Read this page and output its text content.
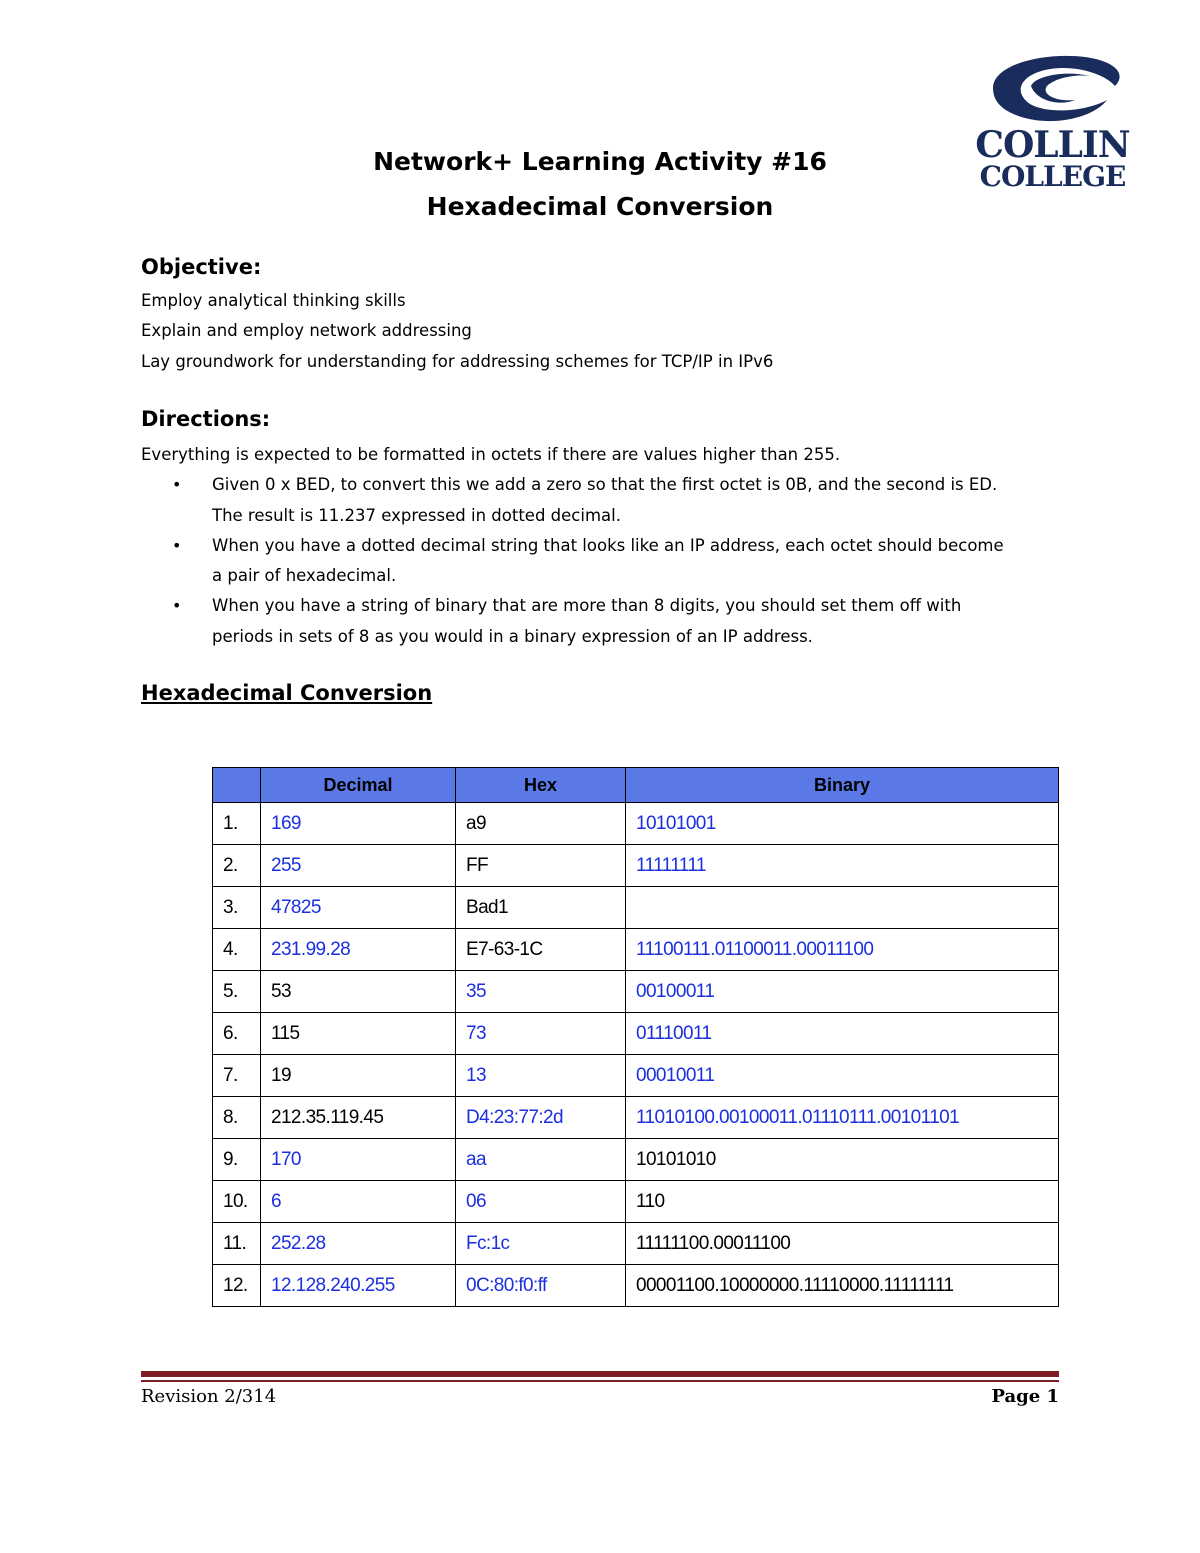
COLLIN
COLLEGE
Network+ Learning Activity #16
Hexadecimal Conversion
Objective:
Employ analytical thinking skills
Explain and employ network addressing
Lay groundwork for understanding for addressing schemes for TCP/IP in IPv6
Directions:
Everything is expected to be formatted in octets if there are values higher than 255.
• Given 0 x BED, to convert this we add a zero so that the first octet is 0B, and the second is ED.
The result is 11.237 expressed in dotted decimal.
• When you have a dotted decimal string that looks like an IP address, each octet should become
a pair of hexadecimal.
• When you have a string of binary that are more than 8 digits, you should set them off with
periods in sets of 8 as you would in a binary expression of an IP address.
Hexadecimal Conversion
	Decimal	Hex	Binary
1.	169	a9	10101001
2.	255	FF	11111111
3.	47825	Bad1	
4.	231.99.28	E7-63-1C	11100111.01100011.00011100
5.	53	35	00100011
6.	115	73	01110011
7.	19	13	00010011
8.	212.35.119.45	D4:23:77:2d	11010100.00100011.01110111.00101101
9.	170	aa	10101010
10.	6	06	110
11.	252.28	Fc:1c	11111100.00011100
12.	12.128.240.255	0C:80:f0:ff	00001100.10000000.11110000.11111111
Revision 2/314	Page 1
